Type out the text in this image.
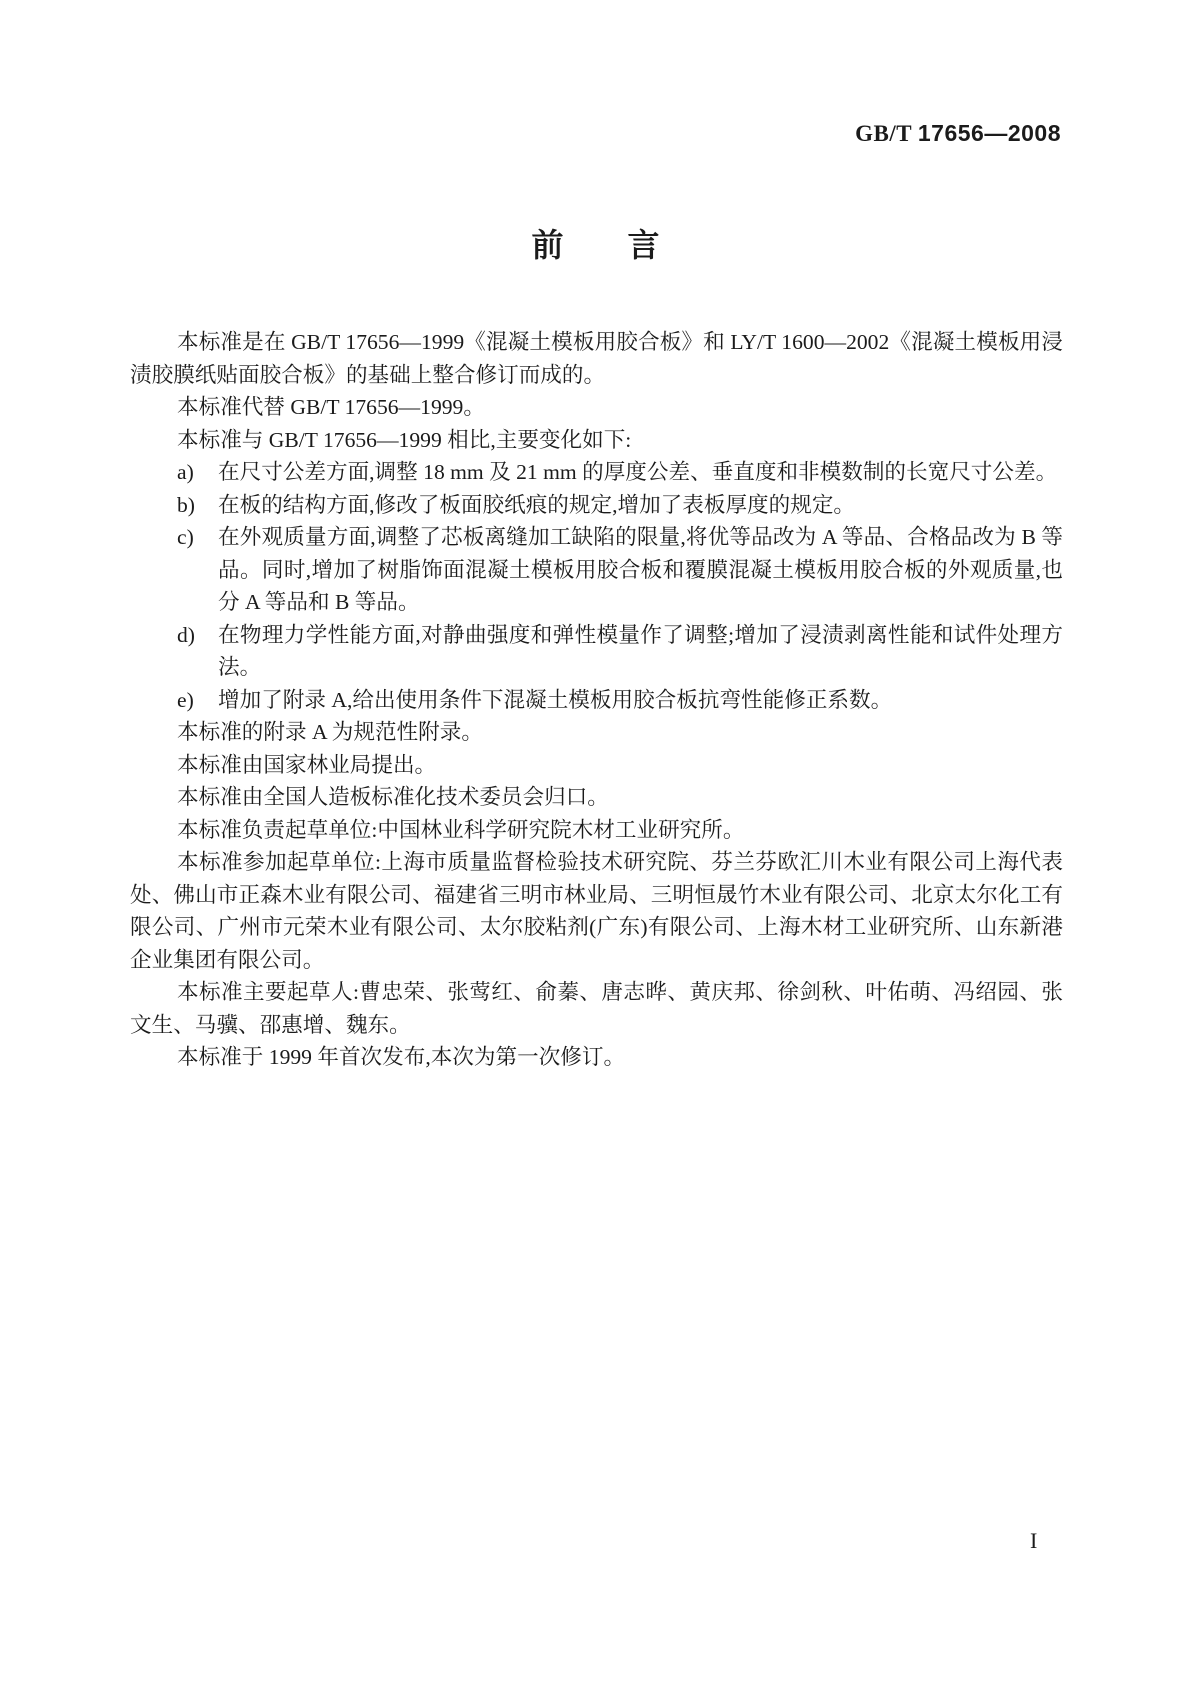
GB/T 17656—2008
前　　言

本标准是在 GB/T 17656—1999《混凝土模板用胶合板》和 LY/T 1600—2002《混凝土模板用浸渍胶膜纸贴面胶合板》的基础上整合修订而成的。

本标准代替 GB/T 17656—1999。

本标准与 GB/T 17656—1999 相比,主要变化如下:

a) 在尺寸公差方面,调整 18 mm 及 21 mm 的厚度公差、垂直度和非模数制的长宽尺寸公差。
b) 在板的结构方面,修改了板面胶纸痕的规定,增加了表板厚度的规定。
c) 在外观质量方面,调整了芯板离缝加工缺陷的限量,将优等品改为 A 等品、合格品改为 B 等品。同时,增加了树脂饰面混凝土模板用胶合板和覆膜混凝土模板用胶合板的外观质量,也分 A 等品和 B 等品。
d) 在物理力学性能方面,对静曲强度和弹性模量作了调整;增加了浸渍剥离性能和试件处理方法。
e) 增加了附录 A,给出使用条件下混凝土模板用胶合板抗弯性能修正系数。

本标准的附录 A 为规范性附录。

本标准由国家林业局提出。

本标准由全国人造板标准化技术委员会归口。

本标准负责起草单位:中国林业科学研究院木材工业研究所。

本标准参加起草单位:上海市质量监督检验技术研究院、芬兰芬欧汇川木业有限公司上海代表处、佛山市正森木业有限公司、福建省三明市林业局、三明恒晟竹木业有限公司、北京太尔化工有限公司、广州市元荣木业有限公司、太尔胶粘剂(广东)有限公司、上海木材工业研究所、山东新港企业集团有限公司。

本标准主要起草人:曹忠荣、张莺红、俞蓁、唐志晔、黄庆邦、徐剑秋、叶佑萌、冯绍园、张文生、马骥、邵惠增、魏东。

本标准于 1999 年首次发布,本次为第一次修订。

I
